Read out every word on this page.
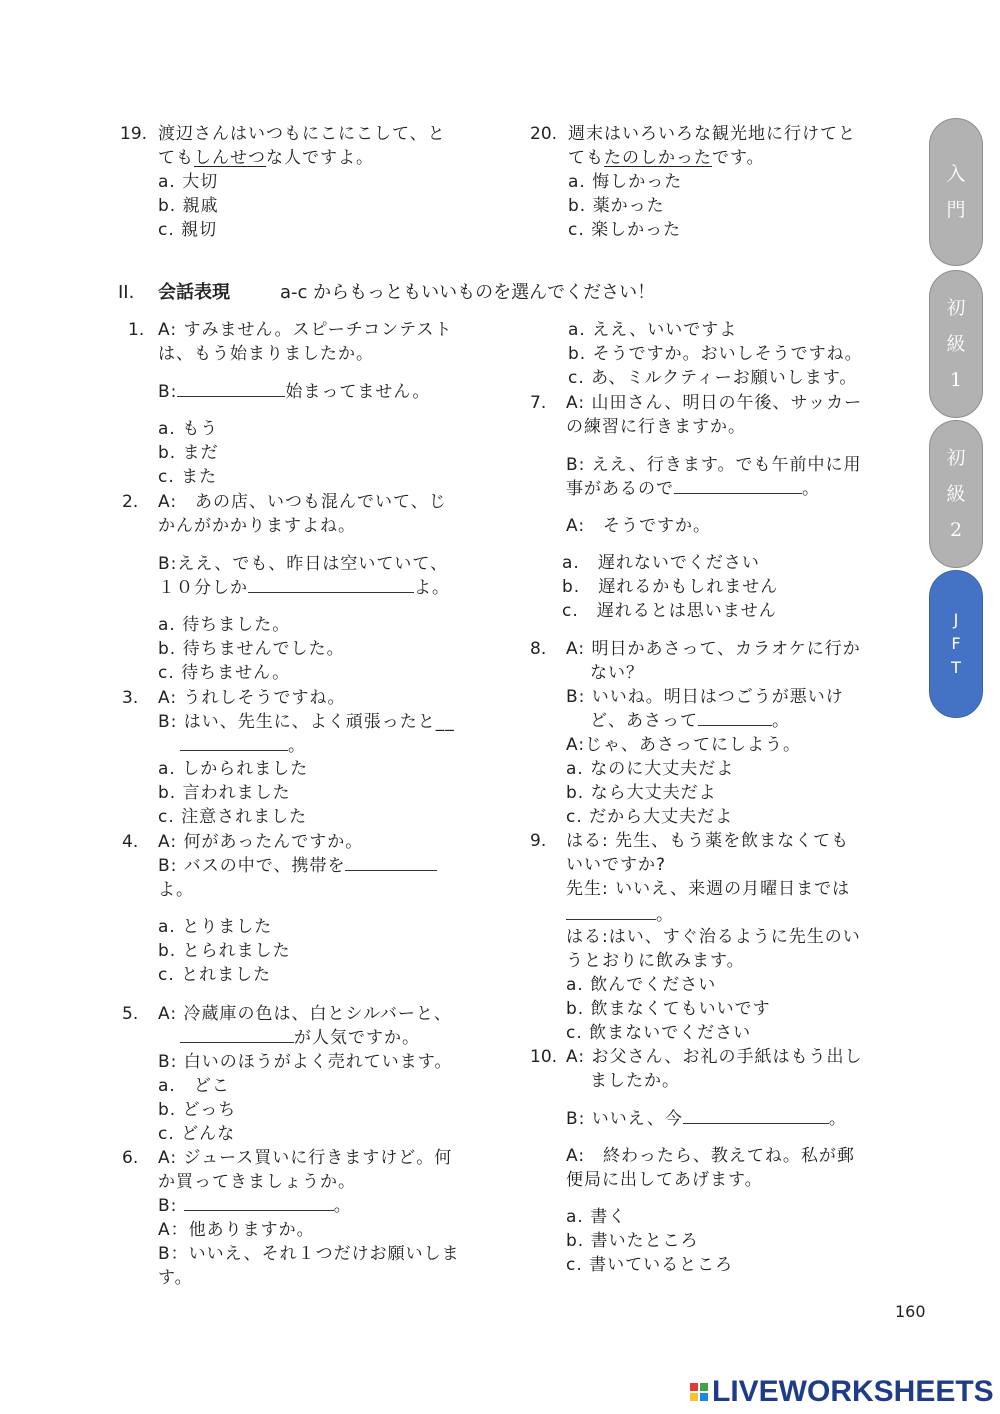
19. 渡辺さんはいつもにこにこして、と
てもしんせつな人ですよ。
a. 大切
b. 親戚
c. 親切
20. 週末はいろいろな観光地に行けてと
てもたのしかったです。
a. 悔しかった
b. 薬かった
c. 楽しかった
II. 会話表現	a-c からもっともいいものを選んでください！
1. A: すみません。スピーチコンテスト
は、もう始まりましたか。
B:	始まってません。
a. もう
b. まだ
c. また
2. A:　あの店、いつも混んでいて、じ
かんがかかりますよね。
B:ええ、でも、昨日は空いていて、
１０分しか	よ。
a. 待ちました。
b. 待ちませんでした。
c. 待ちません。
3. A: うれしそうですね。
B: はい、先生に、よく頑張ったと__
。
a. しかられました
b. 言われました
c. 注意されました
4. A: 何があったんですか。
B: バスの中で、携帯を
よ。
a. とりました
b. とられました
c. とれました
5. A: 冷蔵庫の色は、白とシルバーと、
が人気ですか。
B: 白いのほうがよく売れています。
a.　どこ
b. どっち
c. どんな
6. A: ジュース買いに行きますけど。何
か買ってきましょうか。
B:	。
A：他ありますか。
B：いいえ、それ１つだけお願いしま
す。
a. ええ、いいですよ
b. そうですか。おいしそうですね。
c. あ、ミルクティーお願いします。
7. A: 山田さん、明日の午後、サッカー
の練習に行きますか。
B: ええ、行きます。でも午前中に用
事があるので	。
A:　そうですか。
a.　遅れないでください
b.　遅れるかもしれません
c.　遅れるとは思いません
8. A: 明日かあさって、カラオケに行か
ない？
B: いいね。明日はつごうが悪いけ
ど、あさって	。
A:じゃ、あさってにしよう。
a. なのに大丈夫だよ
b. なら大丈夫だよ
c. だから大丈夫だよ
9. はる: 先生、もう薬を飲まなくても
いいですか?
先生: いいえ、来週の月曜日までは
。
はる:はい、すぐ治るように先生のい
うとおりに飲みます。
a. 飲んでください
b. 飲まなくてもいいです
c. 飲まないでください
10. A: お父さん、お礼の手紙はもう出し
ましたか。
B: いいえ、今	。
A:　終わったら、教えてね。私が郵
便局に出してあげます。
a. 書く
b. 書いたところ
c. 書いているところ
入
門
初
級
1
初
級
2
J
F
T
160
LIVEWORKSHEETS
